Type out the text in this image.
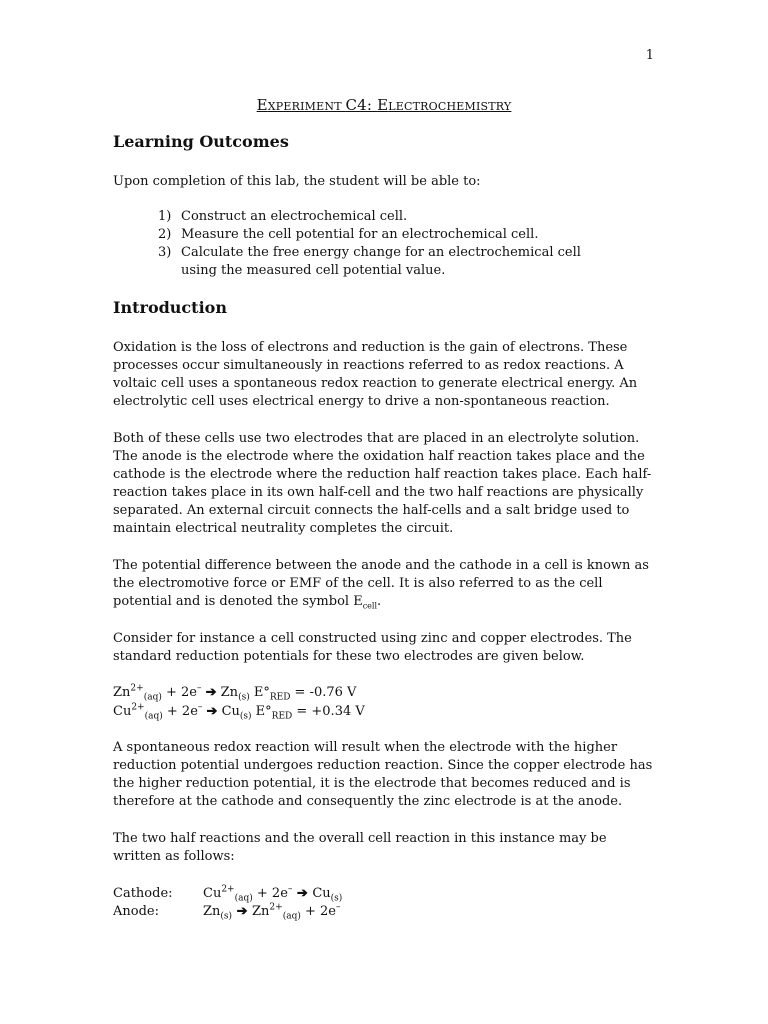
1
EXPERIMENT C4: ELECTROCHEMISTRY
Learning Outcomes

Upon completion of this lab, the student will be able to:

1) Construct an electrochemical cell.
2) Measure the cell potential for an electrochemical cell.
3) Calculate the free energy change for an electrochemical cell using the measured cell potential value.
Introduction

Oxidation is the loss of electrons and reduction is the gain of electrons. These processes occur simultaneously in reactions referred to as redox reactions. A voltaic cell uses a spontaneous redox reaction to generate electrical energy. An electrolytic cell uses electrical energy to drive a non-spontaneous reaction.

Both of these cells use two electrodes that are placed in an electrolyte solution. The anode is the electrode where the oxidation half reaction takes place and the cathode is the electrode where the reduction half reaction takes place. Each half-reaction takes place in its own half-cell and the two half reactions are physically separated. An external circuit connects the half-cells and a salt bridge used to maintain electrical neutrality completes the circuit.

The potential difference between the anode and the cathode in a cell is known as the electromotive force or EMF of the cell. It is also referred to as the cell potential and is denoted the symbol $E_{cell}$.

Consider for instance a cell constructed using zinc and copper electrodes. The standard reduction potentials for these two electrodes are given below.

$Zn^{2+}_{(aq)} + 2e^-$ ➔ $Zn_{(s)}$ $E^\circ_{RED} = -0.76$ V
$Cu^{2+}_{(aq)} + 2e^-$ ➔ $Cu_{(s)}$ $E^\circ_{RED} = +0.34$ V

A spontaneous redox reaction will result when the electrode with the higher reduction potential undergoes reduction reaction. Since the copper electrode has the higher reduction potential, it is the electrode that becomes reduced and is therefore at the cathode and consequently the zinc electrode is at the anode.

The two half reactions and the overall cell reaction in this instance may be written as follows:

Cathode: $Cu^{2+}_{(aq)} + 2e^-$ ➔ $Cu_{(s)}$
Anode:	$Zn_{(s)}$ ➔ $Zn^{2+}_{(aq)} + 2e^-$
